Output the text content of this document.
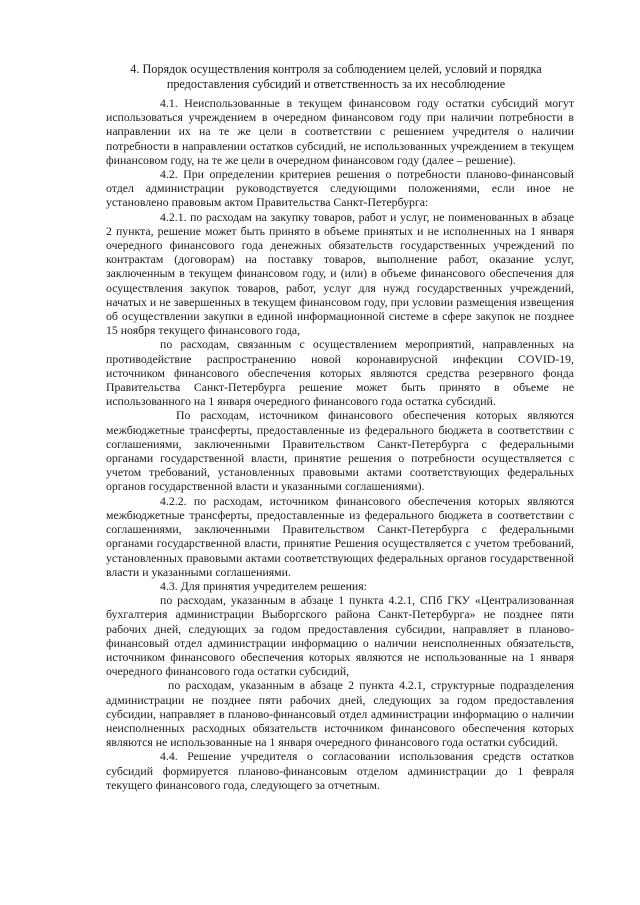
4. Порядок осуществления контроля за соблюдением целей, условий и порядка предоставления субсидий и ответственность за их несоблюдение

4.1. Неиспользованные в текущем финансовом году остатки субсидий могут использоваться учреждением в очередном финансовом году при наличии потребности в направлении их на те же цели в соответствии с решением учредителя о наличии потребности в направлении остатков субсидий, не использованных учреждением в текущем финансовом году, на те же цели в очередном финансовом году (далее – решение).

4.2. При определении критериев решения о потребности планово-финансовый отдел администрации руководствуется следующими положениями, если иное не установлено правовым актом Правительства Санкт-Петербурга:

4.2.1. по расходам на закупку товаров, работ и услуг, не поименованных в абзаце 2 пункта, решение может быть принято в объеме принятых и не исполненных на 1 января очередного финансового года денежных обязательств государственных учреждений по контрактам (договорам) на поставку товаров, выполнение работ, оказание услуг, заключенным в текущем финансовом году, и (или) в объеме финансового обеспечения для осуществления закупок товаров, работ, услуг для нужд государственных учреждений, начатых и не завершенных в текущем финансовом году, при условии размещения извещения об осуществлении закупки в единой информационной системе в сфере закупок не позднее 15 ноября текущего финансового года,

по расходам, связанным с осуществлением мероприятий, направленных на противодействие распространению новой коронавирусной инфекции COVID-19, источником финансового обеспечения которых являются средства резервного фонда Правительства Санкт-Петербурга решение может быть принято в объеме не использованного на 1 января очередного финансового года остатка субсидий.

По расходам, источником финансового обеспечения которых являются межбюджетные трансферты, предоставленные из федерального бюджета в соответствии с соглашениями, заключенными Правительством Санкт-Петербурга с федеральными органами государственной власти, принятие решения о потребности осуществляется с учетом требований, установленных правовыми актами соответствующих федеральных органов государственной власти и указанными соглашениями).

4.2.2. по расходам, источником финансового обеспечения которых являются межбюджетные трансферты, предоставленные из федерального бюджета в соответствии с соглашениями, заключенными Правительством Санкт-Петербурга с федеральными органами государственной власти, принятие Решения осуществляется с учетом требований, установленных правовыми актами соответствующих федеральных органов государственной власти и указанными соглашениями.

4.3. Для принятия учредителем решения:

по расходам, указанным в абзаце 1 пункта 4.2.1, СПб ГКУ «Централизованная бухгалтерия администрации Выборгского района Санкт-Петербурга» не позднее пяти рабочих дней, следующих за годом предоставления субсидии, направляет в планово-финансовый отдел администрации информацию о наличии неисполненных обязательств, источником финансового обеспечения которых являются не использованные на 1 января очередного финансового года остатки субсидий,

по расходам, указанным в абзаце 2 пункта 4.2.1, структурные подразделения администрации не позднее пяти рабочих дней, следующих за годом предоставления субсидии, направляет в планово-финансовый отдел администрации информацию о наличии неисполненных расходных обязательств источником финансового обеспечения которых являются не использованные на 1 января очередного финансового года остатки субсидий.

4.4. Решение учредителя о согласовании использования средств остатков субсидий формируется планово-финансовым отделом администрации до 1 февраля текущего финансового года, следующего за отчетным.
